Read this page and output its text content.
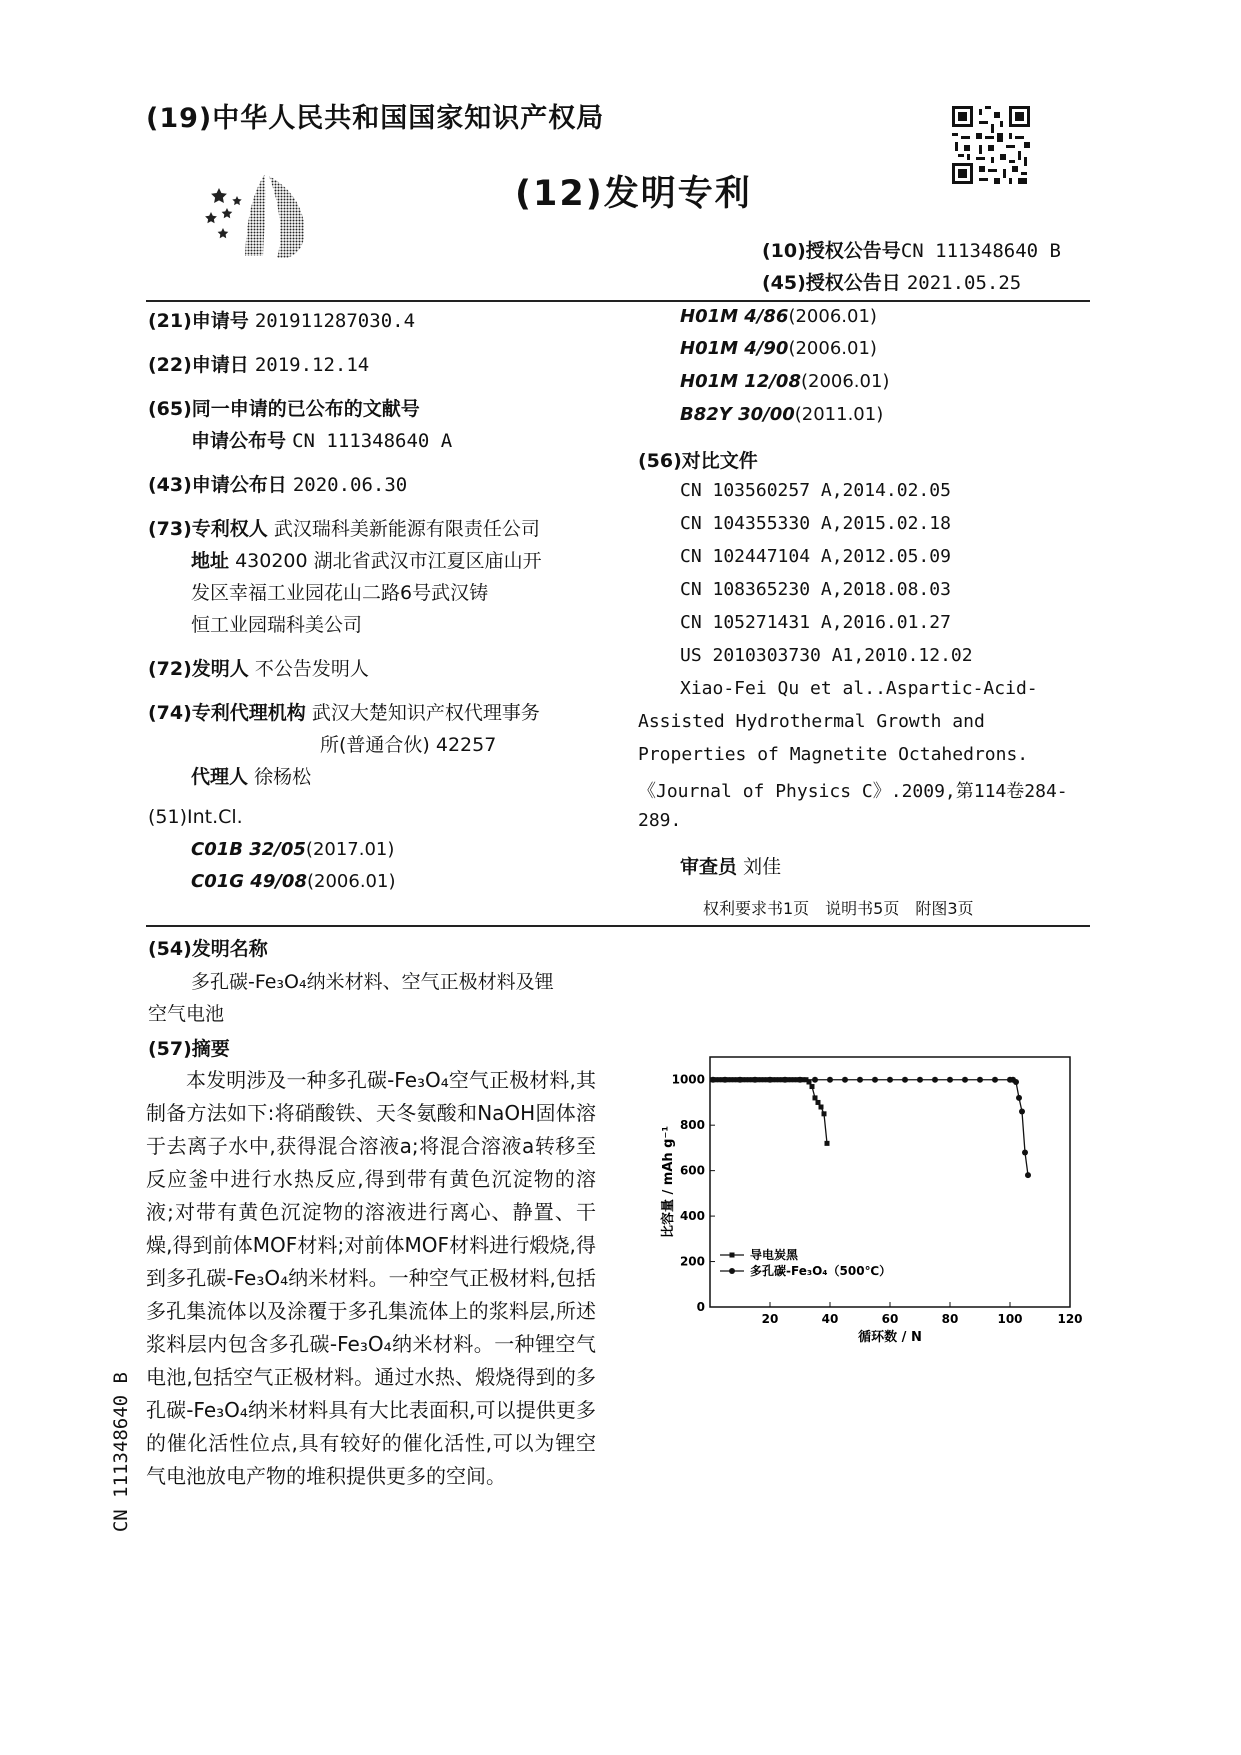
(19)中华人民共和国国家知识产权局
(12)发明专利
(10)授权公告号CN 111348640 B
(45)授权公告日 2021.05.25
(21)申请号 201911287030.4
(22)申请日 2019.12.14
(65)同一申请的已公布的文献号
申请公布号 CN 111348640 A
(43)申请公布日 2020.06.30
(73)专利权人 武汉瑞科美新能源有限责任公司
地址 430200 湖北省武汉市江夏区庙山开
发区幸福工业园花山二路6号武汉铸
恒工业园瑞科美公司
(72)发明人 不公告发明人
(74)专利代理机构 武汉大楚知识产权代理事务
所(普通合伙) 42257
代理人 徐杨松
(51)Int.Cl.
C01B 32/05(2017.01)
C01G 49/08(2006.01)
H01M 4/86(2006.01)
H01M 4/90(2006.01)
H01M 12/08(2006.01)
B82Y 30/00(2011.01)
(56)对比文件
CN 103560257 A,2014.02.05
CN 104355330 A,2015.02.18
CN 102447104 A,2012.05.09
CN 108365230 A,2018.08.03
CN 105271431 A,2016.01.27
US 2010303730 A1,2010.12.02
Xiao-Fei Qu et al..Aspartic-Acid-
Assisted Hydrothermal Growth and
Properties of Magnetite Octahedrons.
《Journal of Physics C》.2009,第114卷284-
289.
审查员 刘佳
权利要求书1页　说明书5页　附图3页
(54)发明名称
多孔碳-Fe₃O₄纳米材料、空气正极材料及锂
空气电池
(57)摘要
本发明涉及一种多孔碳-Fe₃O₄空气正极材料,其制备方法如下:将硝酸铁、天冬氨酸和NaOH固体溶于去离子水中,获得混合溶液a;将混合溶液a转移至反应釜中进行水热反应,得到带有黄色沉淀物的溶液;对带有黄色沉淀物的溶液进行离心、静置、干燥,得到前体MOF材料;对前体MOF材料进行煅烧,得到多孔碳-Fe₃O₄纳米材料。一种空气正极材料,包括多孔集流体以及涂覆于多孔集流体上的浆料层,所述浆料层内包含多孔碳-Fe₃O₄纳米材料。一种锂空气电池,包括空气正极材料。通过水热、煅烧得到的多孔碳-Fe₃O₄纳米材料具有大比表面积,可以提供更多的催化活性位点,具有较好的催化活性,可以为锂空气电池放电产物的堆积提供更多的空间。
CN 111348640 B
20	40	60	80	100	120
0
200
400
600
800
1000
循环数 / N
比容量 / mAh g⁻¹
导电炭黑
多孔碳-Fe₃O₄（500℃）
